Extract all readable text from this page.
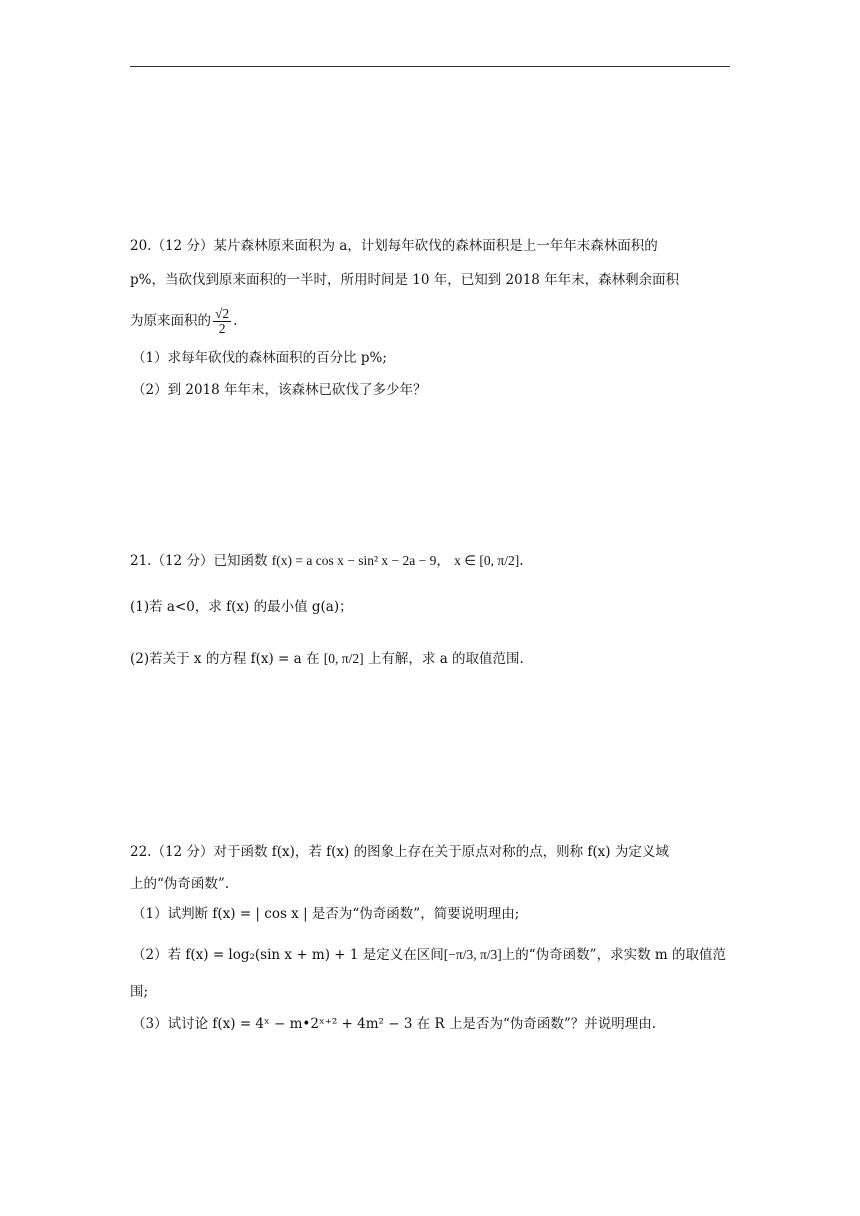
20.（12 分）某片森林原来面积为 a，计划每年砍伐的森林面积是上一年年末森林面积的
p%，当砍伐到原来面积的一半时，所用时间是 10 年，已知到 2018 年年末，森林剩余面积
为原来面积的 $\frac{√2}{2}$ .
（1）求每年砍伐的森林面积的百分比 p%;
（2）到 2018 年年末，该森林已砍伐了多少年？
21.（12 分）已知函数 f(x) = a cos x − sin² x − 2a − 9， x ∈ [0, π/2].
(1)若 a<0，求 f(x) 的最小值 g(a)；
(2)若关于 x 的方程 f(x) = a 在 [0, π/2] 上有解，求 a 的取值范围.
22.（12 分）对于函数 f(x)，若 f(x) 的图象上存在关于原点对称的点，则称 f(x) 为定义域
上的“伪奇函数”.
（1）试判断 f(x) = | cos x | 是否为“伪奇函数”，简要说明理由;
（2）若 f(x) = log₂(sin x + m) + 1 是定义在区间[−π/3, π/3]上的“伪奇函数”，求实数 m 的取值范
围;
（3）试讨论 f(x) = 4ˣ − m•2ˣ⁺² + 4m² − 3 在 R 上是否为“伪奇函数”？并说明理由.
